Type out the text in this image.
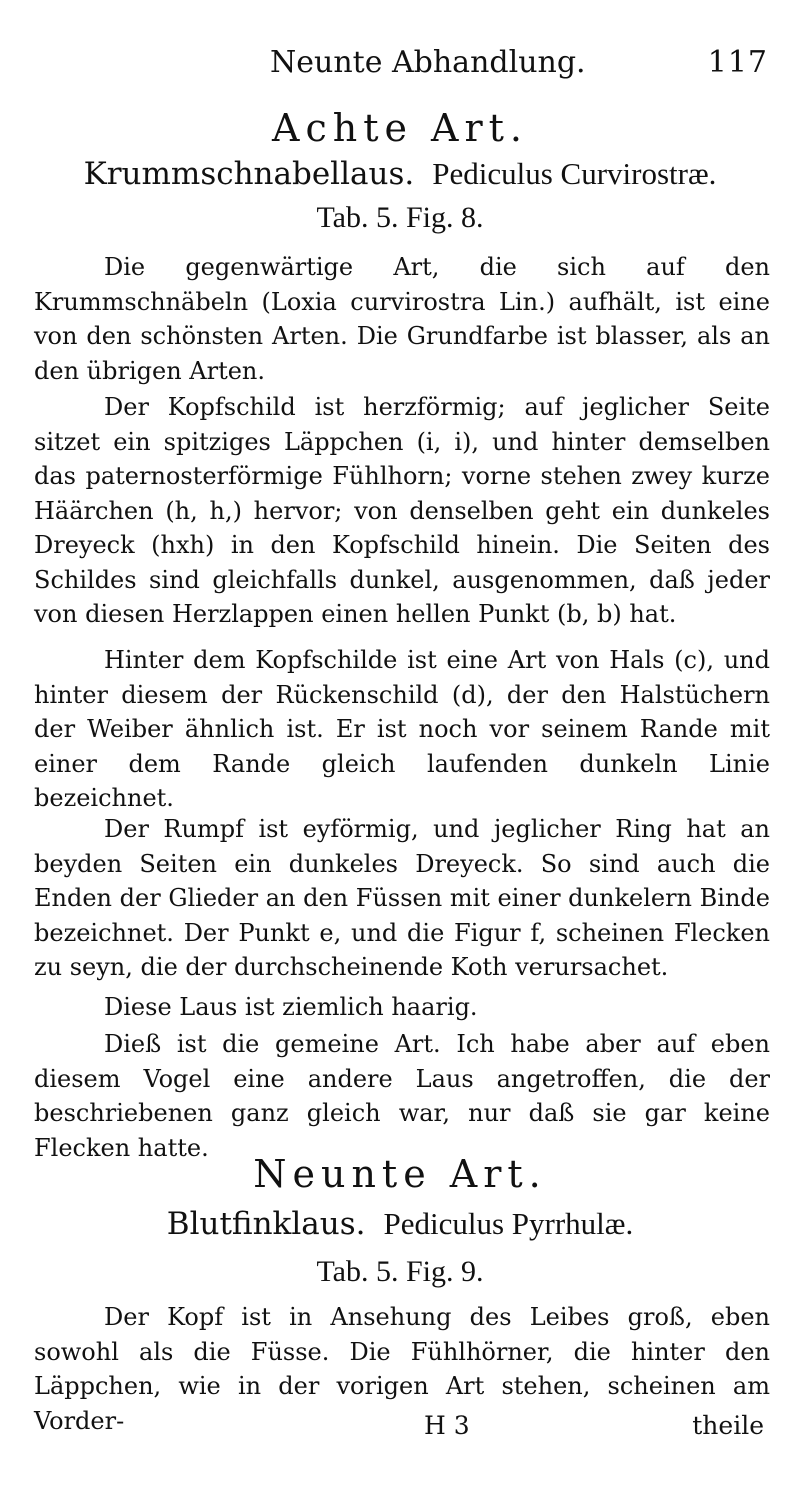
Neunte Abhandlung.	117
Achte Art.
Krummschnabellaus. Pediculus Curvirostræ.
Tab. 5. Fig. 8.

Die gegenwärtige Art, die sich auf den Krummschnäbeln (Loxia curvirostra Lin.) aufhält, ist eine von den schönsten Arten. Die Grundfarbe ist blasser, als an den übrigen Arten.

Der Kopfschild ist herzförmig; auf jeglicher Seite sitzet ein spitziges Läppchen (i, i), und hinter demselben das paternosterförmige Fühlhorn; vorne stehen zwey kurze Häärchen (h, h,) hervor; von denselben geht ein dunkeles Dreyeck (hxh) in den Kopfschild hinein. Die Seiten des Schildes sind gleichfalls dunkel, ausgenommen, daß jeder von diesen Herzlappen einen hellen Punkt (b, b) hat.

Hinter dem Kopfschilde ist eine Art von Hals (c), und hinter diesem der Rückenschild (d), der den Halstüchern der Weiber ähnlich ist. Er ist noch vor seinem Rande mit einer dem Rande gleich laufenden dunkeln Linie bezeichnet.

Der Rumpf ist eyförmig, und jeglicher Ring hat an beyden Seiten ein dunkeles Dreyeck. So sind auch die Enden der Glieder an den Füssen mit einer dunkelern Binde bezeichnet. Der Punkt e, und die Figur f, scheinen Flecken zu seyn, die der durchscheinende Koth verursachet.

Diese Laus ist ziemlich haarig.

Dieß ist die gemeine Art. Ich habe aber auf eben diesem Vogel eine andere Laus angetroffen, die der beschriebenen ganz gleich war, nur daß sie gar keine Flecken hatte.

Neunte Art.
Blutfinklaus. Pediculus Pyrrhulæ.
Tab. 5. Fig. 9.

Der Kopf ist in Ansehung des Leibes groß, eben sowohl als die Füsse. Die Fühlhörner, die hinter den Läppchen, wie in der vorigen Art stehen, scheinen am Vorder-	H 3	theile
